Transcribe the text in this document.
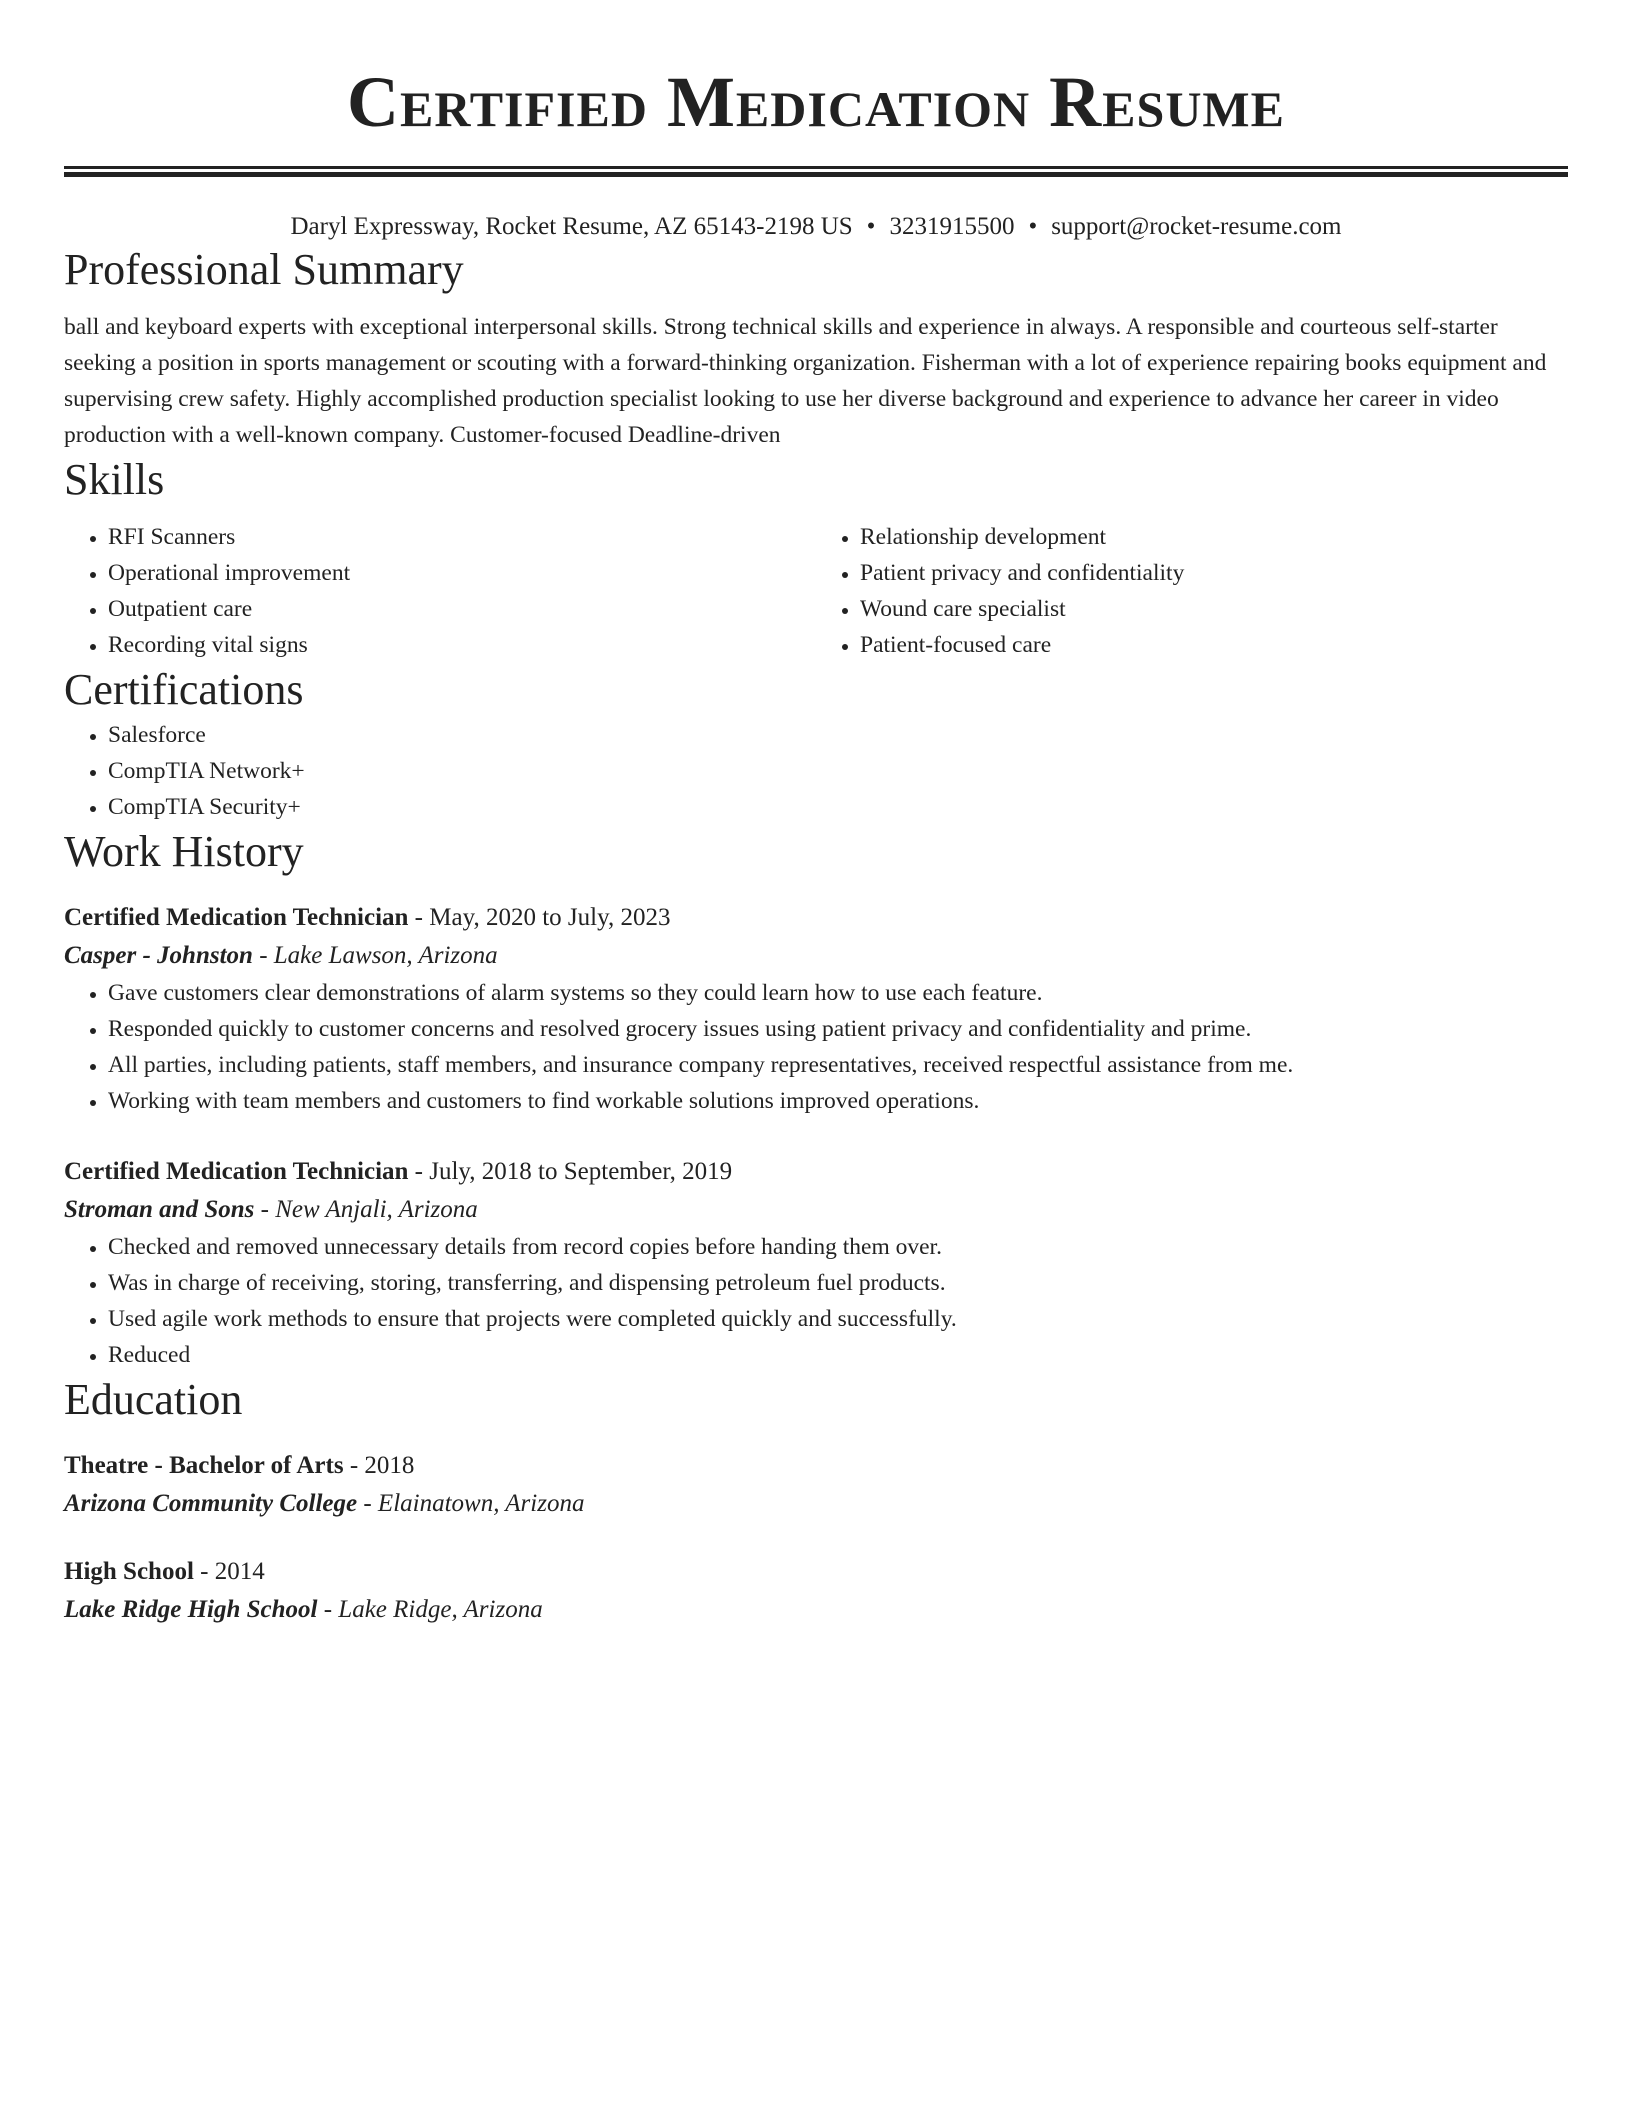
Certified Medication Resume
Daryl Expressway, Rocket Resume, AZ 65143-2198 US • 3231915500 • support@rocket-resume.com
Professional Summary

ball and keyboard experts with exceptional interpersonal skills. Strong technical skills and experience in always. A responsible and courteous self-starter seeking a position in sports management or scouting with a forward-thinking organization. Fisherman with a lot of experience repairing books equipment and supervising crew safety. Highly accomplished production specialist looking to use her diverse background and experience to advance her career in video production with a well-known company. Customer-focused Deadline-driven

Skills
• RFI Scanners
• Operational improvement
• Outpatient care
• Recording vital signs
• Relationship development
• Patient privacy and confidentiality
• Wound care specialist
• Patient-focused care
Certifications
• Salesforce
• CompTIA Network+
• CompTIA Security+
Work History
Certified Medication Technician - May, 2020 to July, 2023
Casper - Johnston - Lake Lawson, Arizona
• Gave customers clear demonstrations of alarm systems so they could learn how to use each feature.
• Responded quickly to customer concerns and resolved grocery issues using patient privacy and confidentiality and prime.
• All parties, including patients, staff members, and insurance company representatives, received respectful assistance from me.
• Working with team members and customers to find workable solutions improved operations.
Certified Medication Technician - July, 2018 to September, 2019
Stroman and Sons - New Anjali, Arizona
• Checked and removed unnecessary details from record copies before handing them over.
• Was in charge of receiving, storing, transferring, and dispensing petroleum fuel products.
• Used agile work methods to ensure that projects were completed quickly and successfully.
• Reduced
Education
Theatre - Bachelor of Arts - 2018
Arizona Community College - Elainatown, Arizona
High School - 2014
Lake Ridge High School - Lake Ridge, Arizona
